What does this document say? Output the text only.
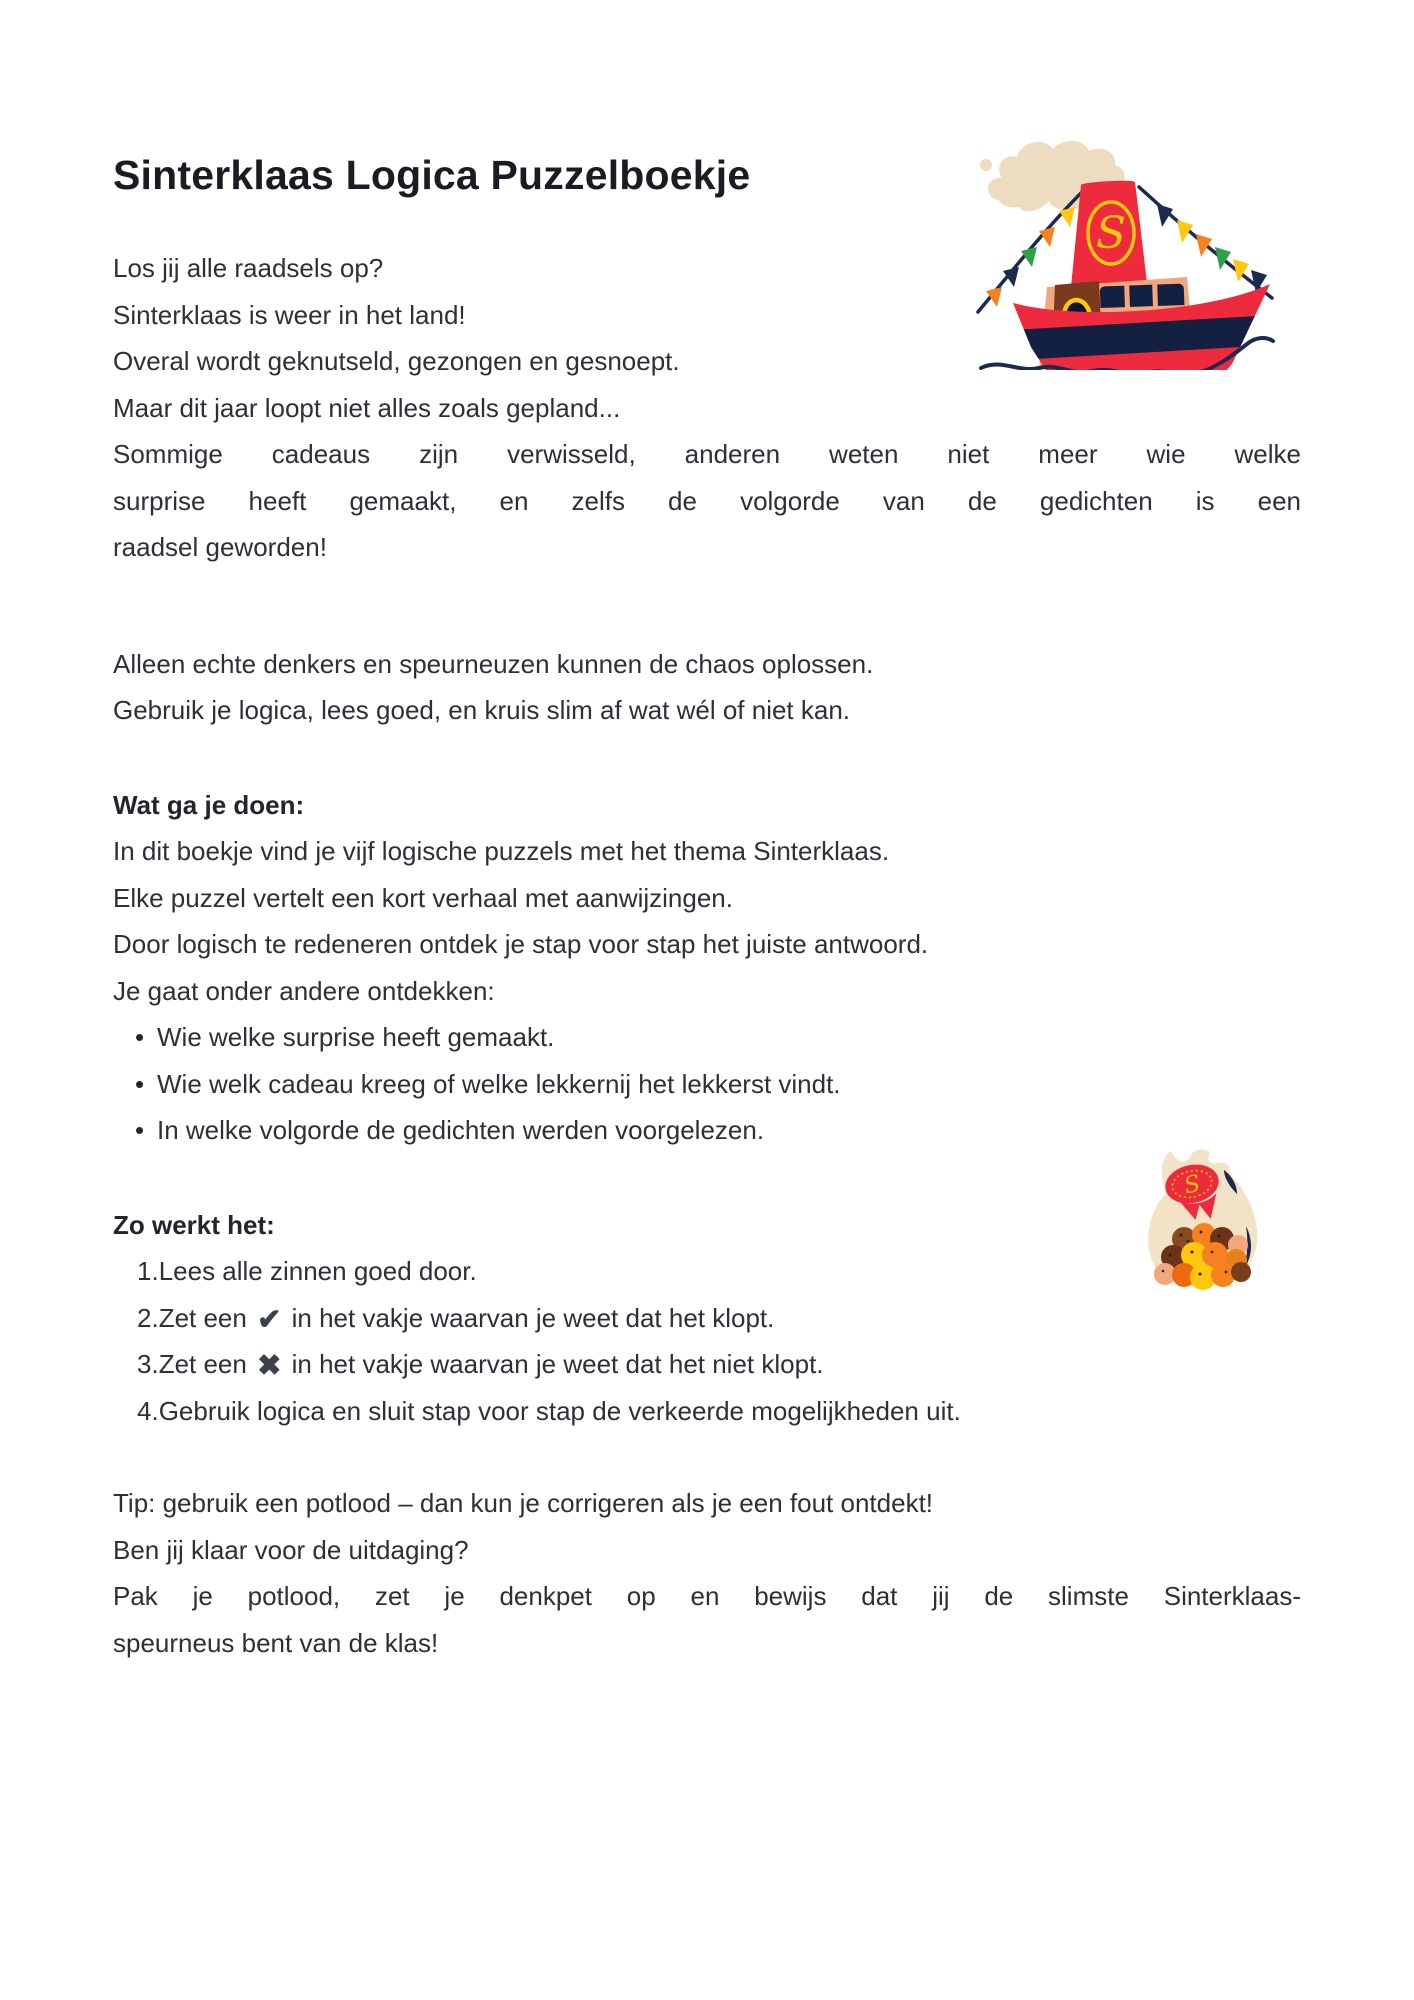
Sinterklaas Logica Puzzelboekje
Los jij alle raadsels op?
Sinterklaas is weer in het land!
Overal wordt geknutseld, gezongen en gesnoept.
Maar dit jaar loopt niet alles zoals gepland...
Sommige cadeaus zijn verwisseld, anderen weten niet meer wie welke
surprise heeft gemaakt, en zelfs de volgorde van de gedichten is een
raadsel geworden!
Alleen echte denkers en speurneuzen kunnen de chaos oplossen.
Gebruik je logica, lees goed, en kruis slim af wat wél of niet kan.
Wat ga je doen:
In dit boekje vind je vijf logische puzzels met het thema Sinterklaas.
Elke puzzel vertelt een kort verhaal met aanwijzingen.
Door logisch te redeneren ontdek je stap voor stap het juiste antwoord.
Je gaat onder andere ontdekken:
• Wie welke surprise heeft gemaakt.
• Wie welk cadeau kreeg of welke lekkernij het lekkerst vindt.
• In welke volgorde de gedichten werden voorgelezen.
Zo werkt het:
1.Lees alle zinnen goed door.
2.Zet een ✔ in het vakje waarvan je weet dat het klopt.
3.Zet een ✖ in het vakje waarvan je weet dat het niet klopt.
4.Gebruik logica en sluit stap voor stap de verkeerde mogelijkheden uit.
Tip: gebruik een potlood – dan kun je corrigeren als je een fout ontdekt!
Ben jij klaar voor de uitdaging?
Pak je potlood, zet je denkpet op en bewijs dat jij de slimste Sinterklaas-
speurneus bent van de klas!
S
S
